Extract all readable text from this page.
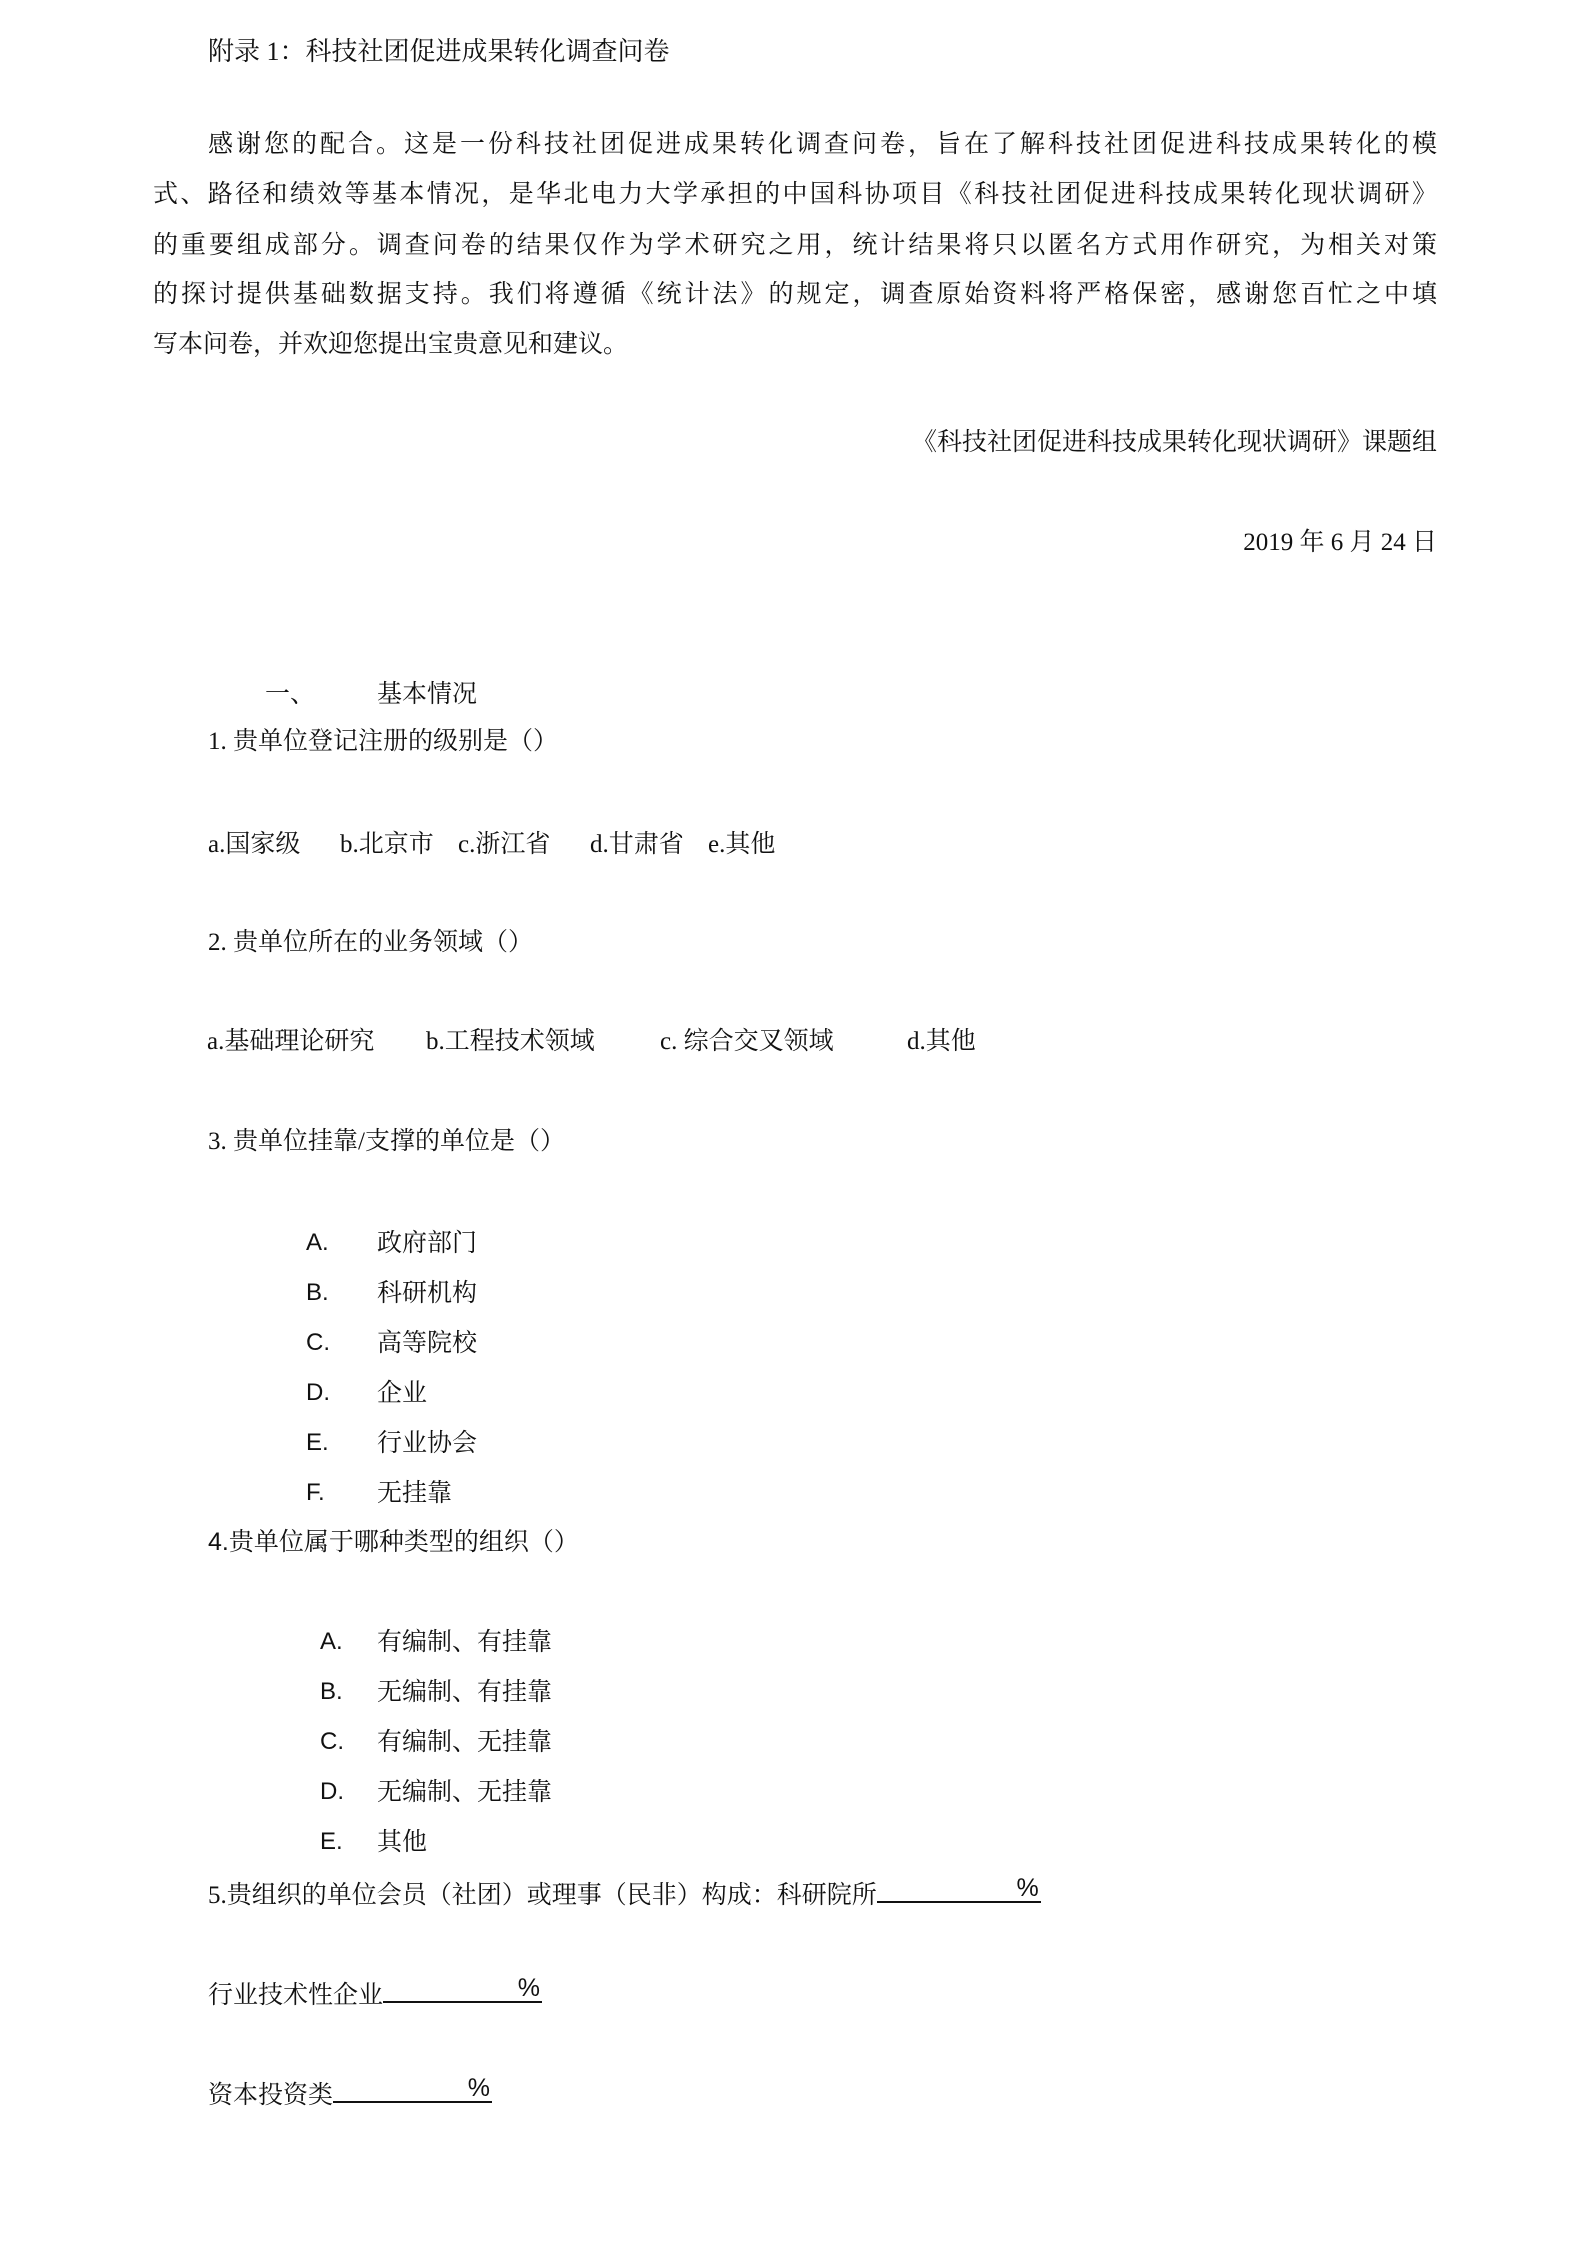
附录 1：科技社团促进成果转化调查问卷
感谢您的配合。这是一份科技社团促进成果转化调查问卷，旨在了解科技社团促进科技成果转化的模
式、路径和绩效等基本情况，是华北电力大学承担的中国科协项目《科技社团促进科技成果转化现状调研》
的重要组成部分。调查问卷的结果仅作为学术研究之用，统计结果将只以匿名方式用作研究，为相关对策
的探讨提供基础数据支持。我们将遵循《统计法》的规定，调查原始资料将严格保密，感谢您百忙之中填
写本问卷，并欢迎您提出宝贵意见和建议。
《科技社团促进科技成果转化现状调研》课题组
2019 年 6 月 24 日
一、 基本情况
1. 贵单位登记注册的级别是（）
a.国家级 b.北京市 c.浙江省 d.甘肃省 e.其他
2. 贵单位所在的业务领域（）
a.基础理论研究 b.工程技术领域	c. 综合交叉领域	d.其他
3. 贵单位挂靠/支撑的单位是（）
A. 政府部门
B. 科研机构
C. 高等院校
D. 企业
E. 行业协会
F. 无挂靠
4.贵单位属于哪种类型的组织（）
A. 有编制、有挂靠
B. 无编制、有挂靠
C. 有编制、无挂靠
D. 无编制、无挂靠
E. 其他
5.贵组织的单位会员（社团）或理事（民非）构成：科研院所	%
行业技术性企业	%
资本投资类	%
